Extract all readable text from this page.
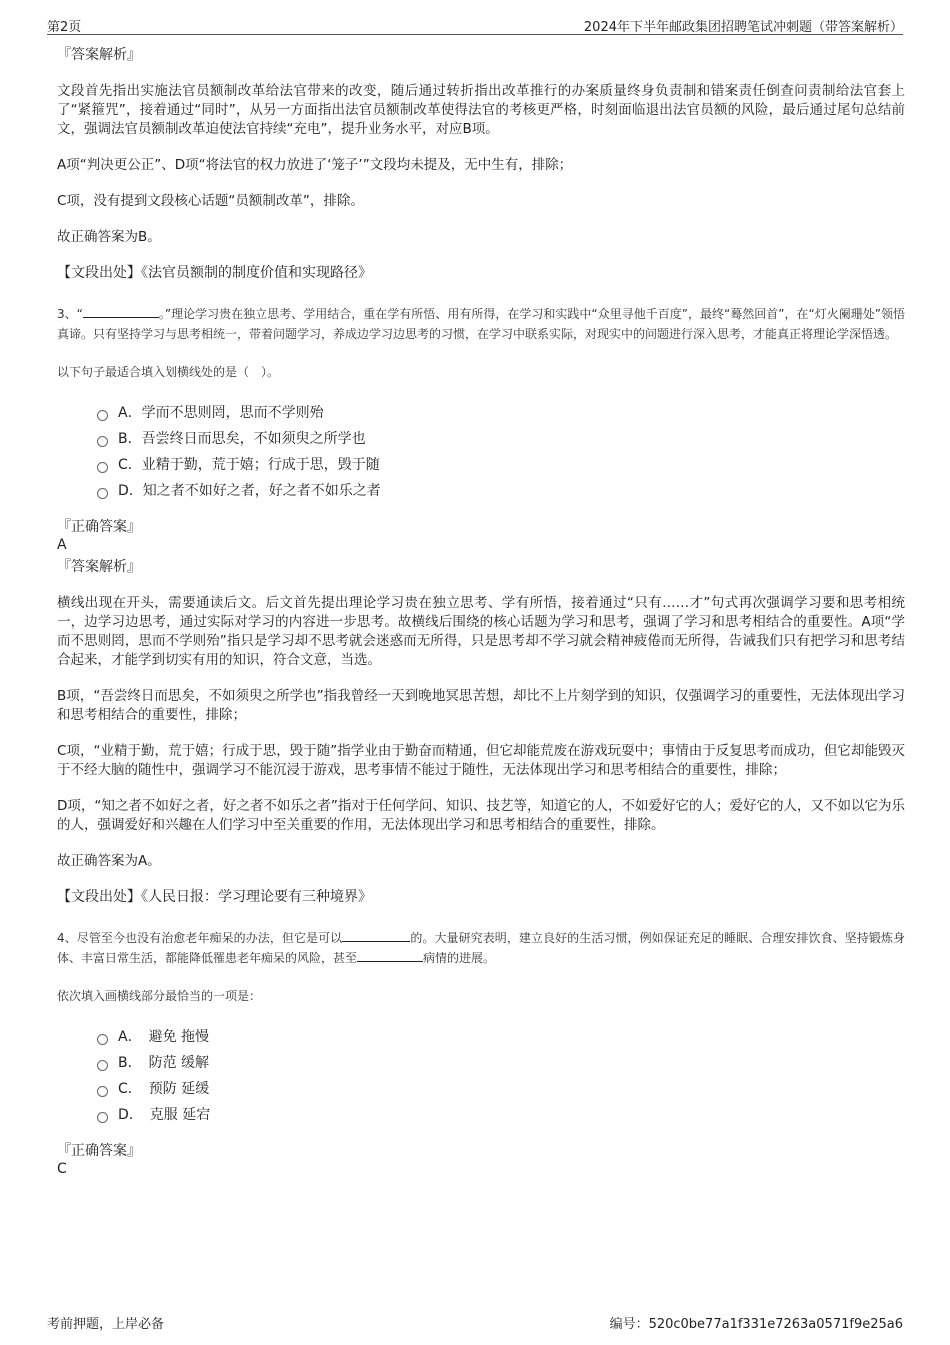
第2页	2024年下半年邮政集团招聘笔试冲刺题（带答案解析）
『答案解析』

文段首先指出实施法官员额制改革给法官带来的改变，随后通过转折指出改革推行的办案质量终身负责制和错案责任倒查问责制给法官套上了“紧箍咒”，接着通过“同时”，从另一方面指出法官员额制改革使得法官的考核更严格，时刻面临退出法官员额的风险，最后通过尾句总结前文，强调法官员额制改革迫使法官持续“充电”，提升业务水平，对应B项。

A项“判决更公正”、D项“将法官的权力放进了‘笼子’”文段均未提及，无中生有，排除；

C项，没有提到文段核心话题“员额制改革”，排除。

故正确答案为B。

【文段出处】《法官员额制的制度价值和实现路径》

3、“	。”理论学习贵在独立思考、学用结合，重在学有所悟、用有所得，在学习和实践中“众里寻他千百度”，最终“蓦然回首”，在“灯火阑珊处”领悟真谛。只有坚持学习与思考相统一，带着问题学习，养成边学习边思考的习惯，在学习中联系实际，对现实中的问题进行深入思考，才能真正将理论学深悟透。

以下句子最适合填入划横线处的是（　）。

A．学而不思则罔，思而不学则殆
B．吾尝终日而思矣，不如须臾之所学也
C．业精于勤，荒于嬉；行成于思，毁于随
D．知之者不如好之者，好之者不如乐之者
『正确答案』
A
『答案解析』

横线出现在开头，需要通读后文。后文首先提出理论学习贵在独立思考、学有所悟，接着通过“只有……才”句式再次强调学习要和思考相统一，边学习边思考，通过实际对学习的内容进一步思考。故横线后围绕的核心话题为学习和思考，强调了学习和思考相结合的重要性。A项“学而不思则罔，思而不学则殆”指只是学习却不思考就会迷惑而无所得，只是思考却不学习就会精神疲倦而无所得，告诫我们只有把学习和思考结合起来，才能学到切实有用的知识，符合文意，当选。

B项，“吾尝终日而思矣，不如须臾之所学也”指我曾经一天到晚地冥思苦想，却比不上片刻学到的知识，仅强调学习的重要性，无法体现出学习和思考相结合的重要性，排除；

C项，“业精于勤，荒于嬉；行成于思，毁于随”指学业由于勤奋而精通，但它却能荒废在游戏玩耍中；事情由于反复思考而成功，但它却能毁灭于不经大脑的随性中，强调学习不能沉浸于游戏，思考事情不能过于随性，无法体现出学习和思考相结合的重要性，排除；

D项，“知之者不如好之者，好之者不如乐之者”指对于任何学问、知识、技艺等，知道它的人，不如爱好它的人；爱好它的人，又不如以它为乐的人，强调爱好和兴趣在人们学习中至关重要的作用，无法体现出学习和思考相结合的重要性，排除。

故正确答案为A。

【文段出处】《人民日报：学习理论要有三种境界》

4、尽管至今也没有治愈老年痴呆的办法，但它是可以	的。大量研究表明，建立良好的生活习惯，例如保证充足的睡眠、合理安排饮食、坚持锻炼身体、丰富日常生活，都能降低罹患老年痴呆的风险，甚至	病情的进展。

依次填入画横线部分最恰当的一项是：

A．　避免 拖慢
B．　防范 缓解
C．　预防 延缓
D．　克服 延宕
『正确答案』
C
考前押题，上岸必备	编号：520c0be77a1f331e7263a0571f9e25a6
